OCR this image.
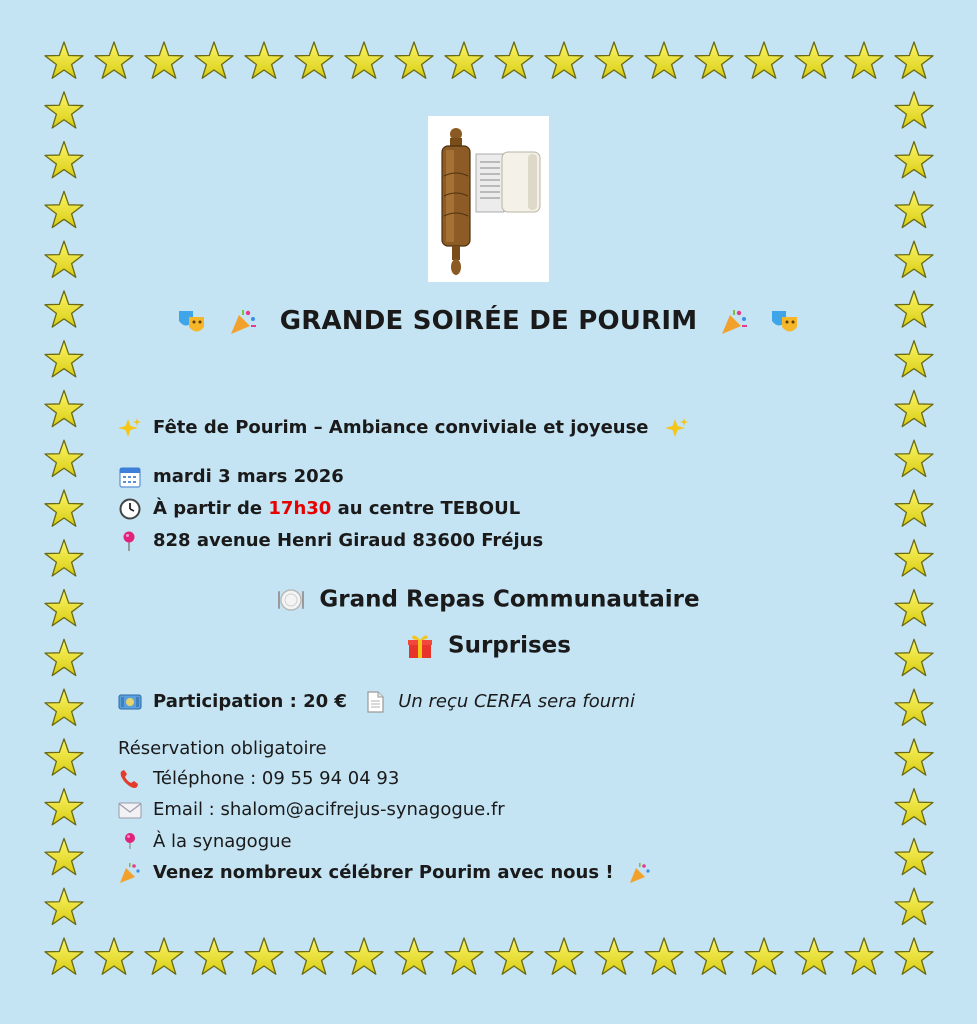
GRANDE SOIRÉE DE POURIM
Fête de Pourim – Ambiance conviviale et joyeuse
mardi 3 mars 2026
À partir de 17h30 au centre TEBOUL
828 avenue Henri Giraud 83600 Fréjus
Grand Repas Communautaire
Surprises
Participation : 20 €	Un reçu CERFA sera fourni
Réservation obligatoire
Téléphone : 09 55 94 04 93
Email : shalom@acifrejus-synagogue.fr
À la synagogue
Venez nombreux célébrer Pourim avec nous !
